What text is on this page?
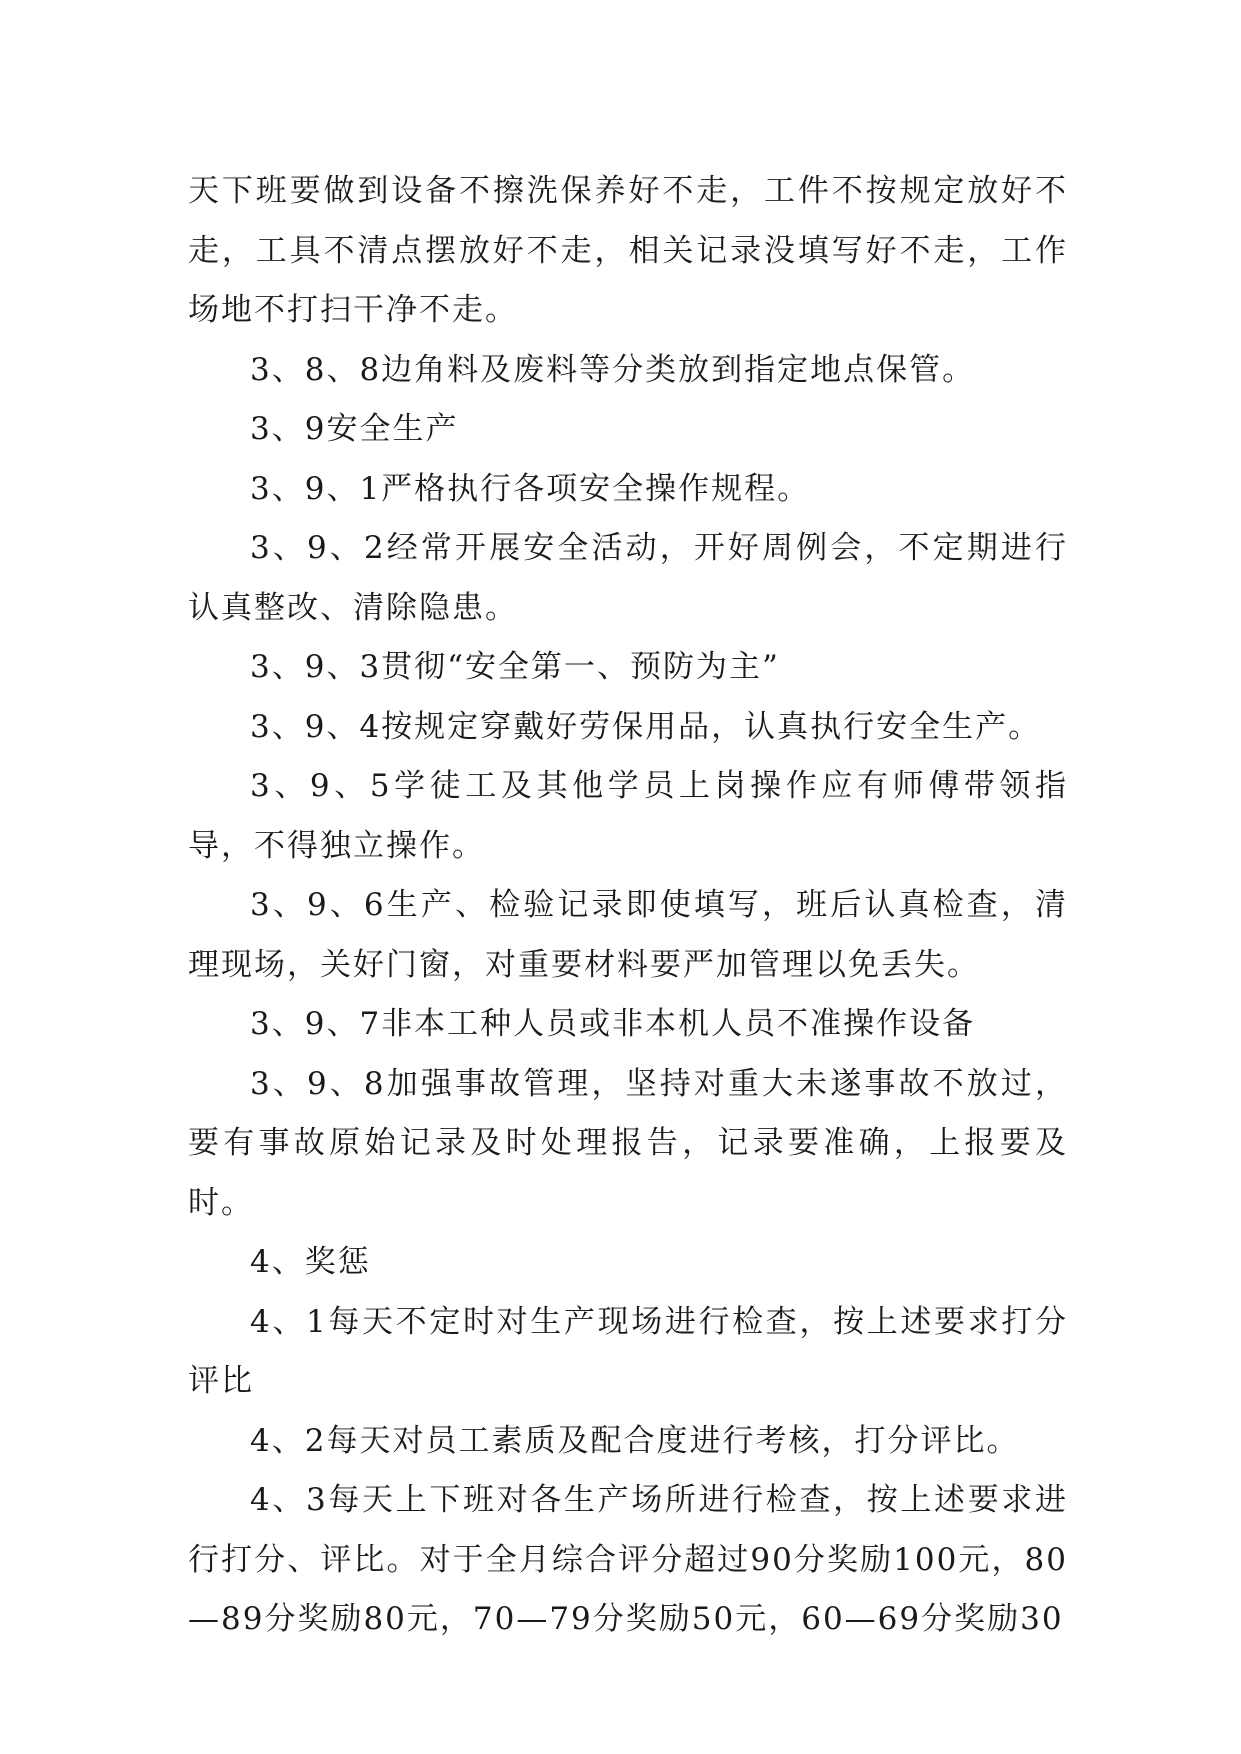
天下班要做到设备不擦洗保养好不走，工件不按规定放好不走，工具不清点摆放好不走，相关记录没填写好不走，工作场地不打扫干净不走。

3、8、8边角料及废料等分类放到指定地点保管。

3、9安全生产

3、9、1严格执行各项安全操作规程。

3、9、2经常开展安全活动，开好周例会，不定期进行认真整改、清除隐患。

3、9、3贯彻“安全第一、预防为主”

3、9、4按规定穿戴好劳保用品，认真执行安全生产。

3、9、5学徒工及其他学员上岗操作应有师傅带领指导，不得独立操作。

3、9、6生产、检验记录即使填写，班后认真检查，清理现场，关好门窗，对重要材料要严加管理以免丢失。

3、9、7非本工种人员或非本机人员不准操作设备

3、9、8加强事故管理，坚持对重大未遂事故不放过，要有事故原始记录及时处理报告，记录要准确，上报要及时。

4、奖惩

4、1每天不定时对生产现场进行检查，按上述要求打分评比

4、2每天对员工素质及配合度进行考核，打分评比。

4、3每天上下班对各生产场所进行检查，按上述要求进行打分、评比。对于全月综合评分超过90分奖励100元，80—89分奖励80元，70—79分奖励50元，60—69分奖励30
